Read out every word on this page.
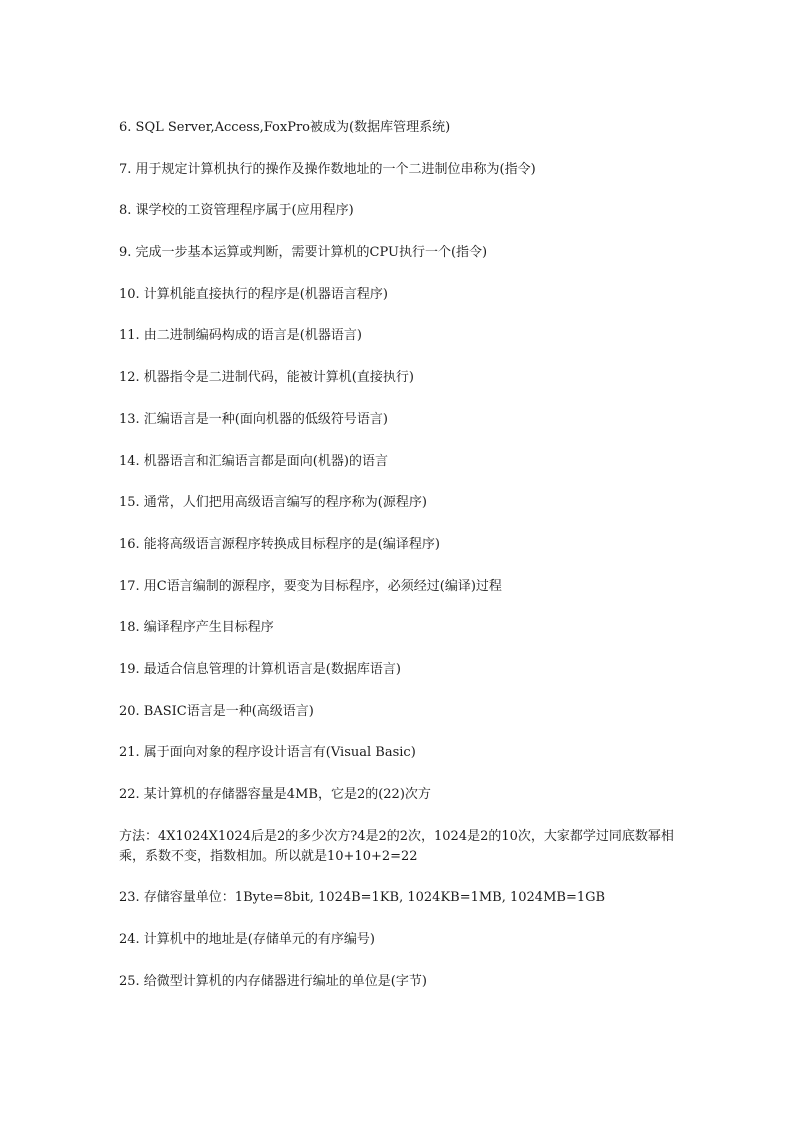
6. SQL Server,Access,FoxPro被成为(数据库管理系统)
7. 用于规定计算机执行的操作及操作数地址的一个二进制位串称为(指令)
8. 课学校的工资管理程序属于(应用程序)
9. 完成一步基本运算或判断，需要计算机的CPU执行一个(指令)
10. 计算机能直接执行的程序是(机器语言程序)
11. 由二进制编码构成的语言是(机器语言)
12. 机器指令是二进制代码，能被计算机(直接执行)
13. 汇编语言是一种(面向机器的低级符号语言)
14. 机器语言和汇编语言都是面向(机器)的语言
15. 通常，人们把用高级语言编写的程序称为(源程序)
16. 能将高级语言源程序转换成目标程序的是(编译程序)
17. 用C语言编制的源程序，要变为目标程序，必须经过(编译)过程
18. 编译程序产生目标程序
19. 最适合信息管理的计算机语言是(数据库语言)
20. BASIC语言是一种(高级语言)
21. 属于面向对象的程序设计语言有(Visual Basic)
22. 某计算机的存储器容量是4MB，它是2的(22)次方
方法：4X1024X1024后是2的多少次方?4是2的2次，1024是2的10次，大家都学过同底数幂相乘，系数不变，指数相加。所以就是10+10+2=22
23. 存储容量单位：1Byte=8bit, 1024B=1KB, 1024KB=1MB, 1024MB=1GB
24. 计算机中的地址是(存储单元的有序编号)
25. 给微型计算机的内存储器进行编址的单位是(字节)
